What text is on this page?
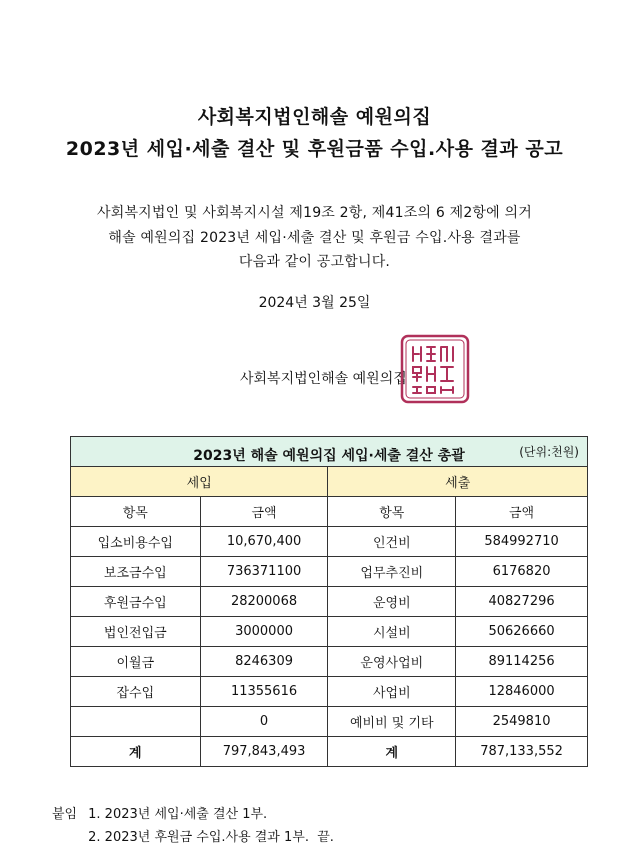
사회복지법인해솔 예원의집
2023년 세입·세출 결산 및 후원금품 수입.사용 결과 공고
사회복지법인 및 사회복지시설 제19조 2항, 제41조의 6 제2항에 의거
해솔 예원의집 2023년 세입·세출 결산 및 후원금 수입.사용 결과를
다음과 같이 공고합니다.
2024년 3월 25일
사회복지법인해솔 예원의집
2023년 해솔 예원의집 세입·세출 결산 총괄 (단위:천원)			

세입		세출	
항목	금액	항목	금액
입소비용수입	10,670,400	인건비	584992710
보조금수입	736371100	업무추진비	6176820
후원금수입	28200068	운영비	40827296
법인전입금	3000000	시설비	50626660
이월금	8246309	운영사업비	89114256
잡수입	11355616	사업비	12846000
	0	예비비 및 기타	2549810
계	797,843,493	계	787,133,552
붙임 1. 2023년 세입·세출 결산 1부.
2. 2023년 후원금 수입.사용 결과 1부.  끝.
